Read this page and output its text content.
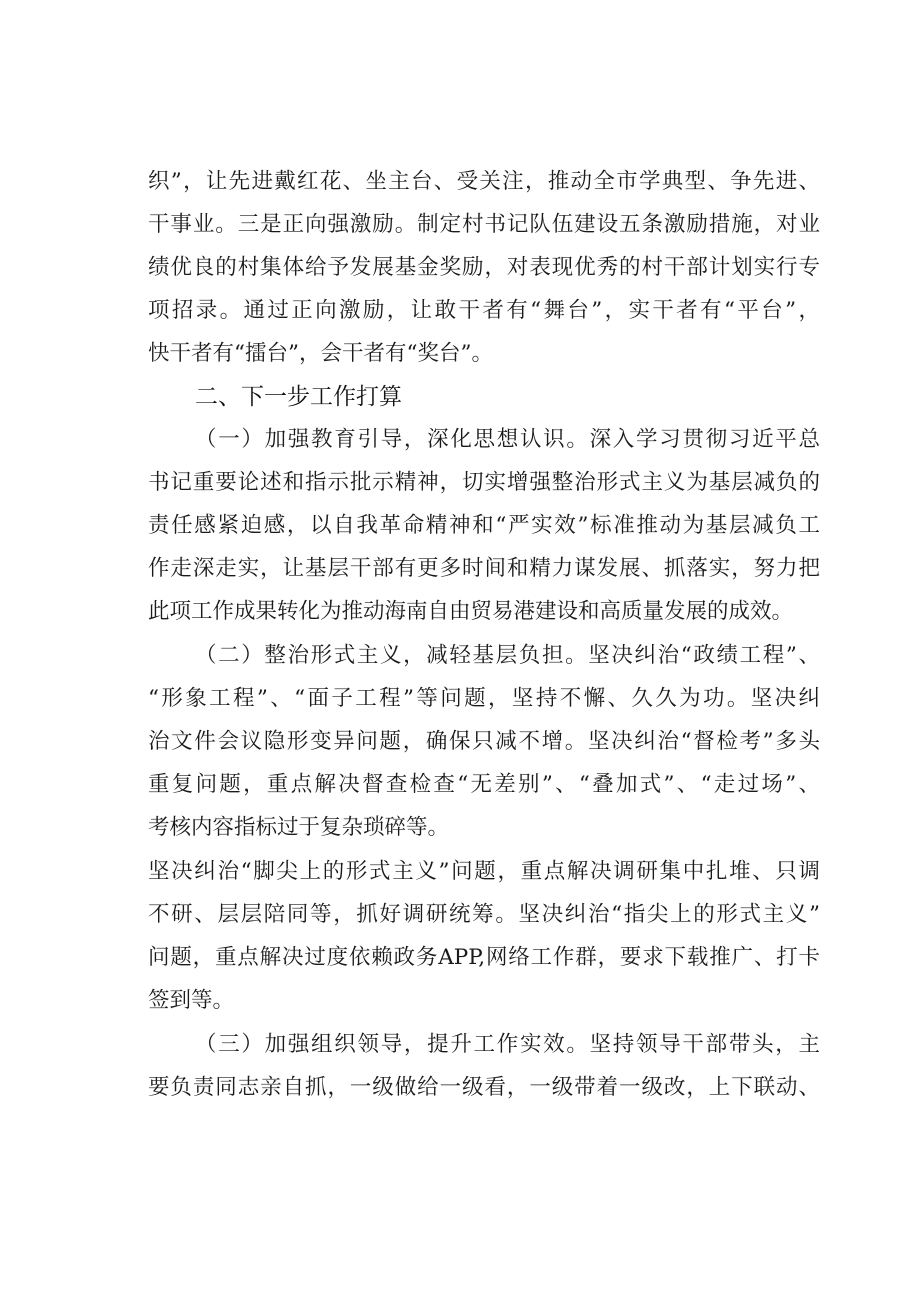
织”，让先进戴红花、坐主台、受关注，推动全市学典型、争先进、
干事业。三是正向强激励。制定村书记队伍建设五条激励措施，对业
绩优良的村集体给予发展基金奖励，对表现优秀的村干部计划实行专
项招录。通过正向激励，让敢干者有“舞台”，实干者有“平台”，
快干者有“擂台”，会干者有“奖台”。
二、下一步工作打算
（一）加强教育引导，深化思想认识。深入学习贯彻习近平总
书记重要论述和指示批示精神，切实增强整治形式主义为基层减负的
责任感紧迫感，以自我革命精神和“严实效”标准推动为基层减负工
作走深走实，让基层干部有更多时间和精力谋发展、抓落实，努力把
此项工作成果转化为推动海南自由贸易港建设和高质量发展的成效。
（二）整治形式主义，减轻基层负担。坚决纠治“政绩工程”、
“形象工程”、“面子工程”等问题，坚持不懈、久久为功。坚决纠
治文件会议隐形变异问题，确保只减不增。坚决纠治“督检考”多头
重复问题，重点解决督查检查“无差别”、“叠加式”、“走过场”、
考核内容指标过于复杂琐碎等。
坚决纠治“脚尖上的形式主义”问题，重点解决调研集中扎堆、只调
不研、层层陪同等，抓好调研统筹。坚决纠治“指尖上的形式主义”
问题，重点解决过度依赖政务APP,网络工作群，要求下载推广、打卡
签到等。
（三）加强组织领导，提升工作实效。坚持领导干部带头，主
要负责同志亲自抓，一级做给一级看，一级带着一级改，上下联动、
